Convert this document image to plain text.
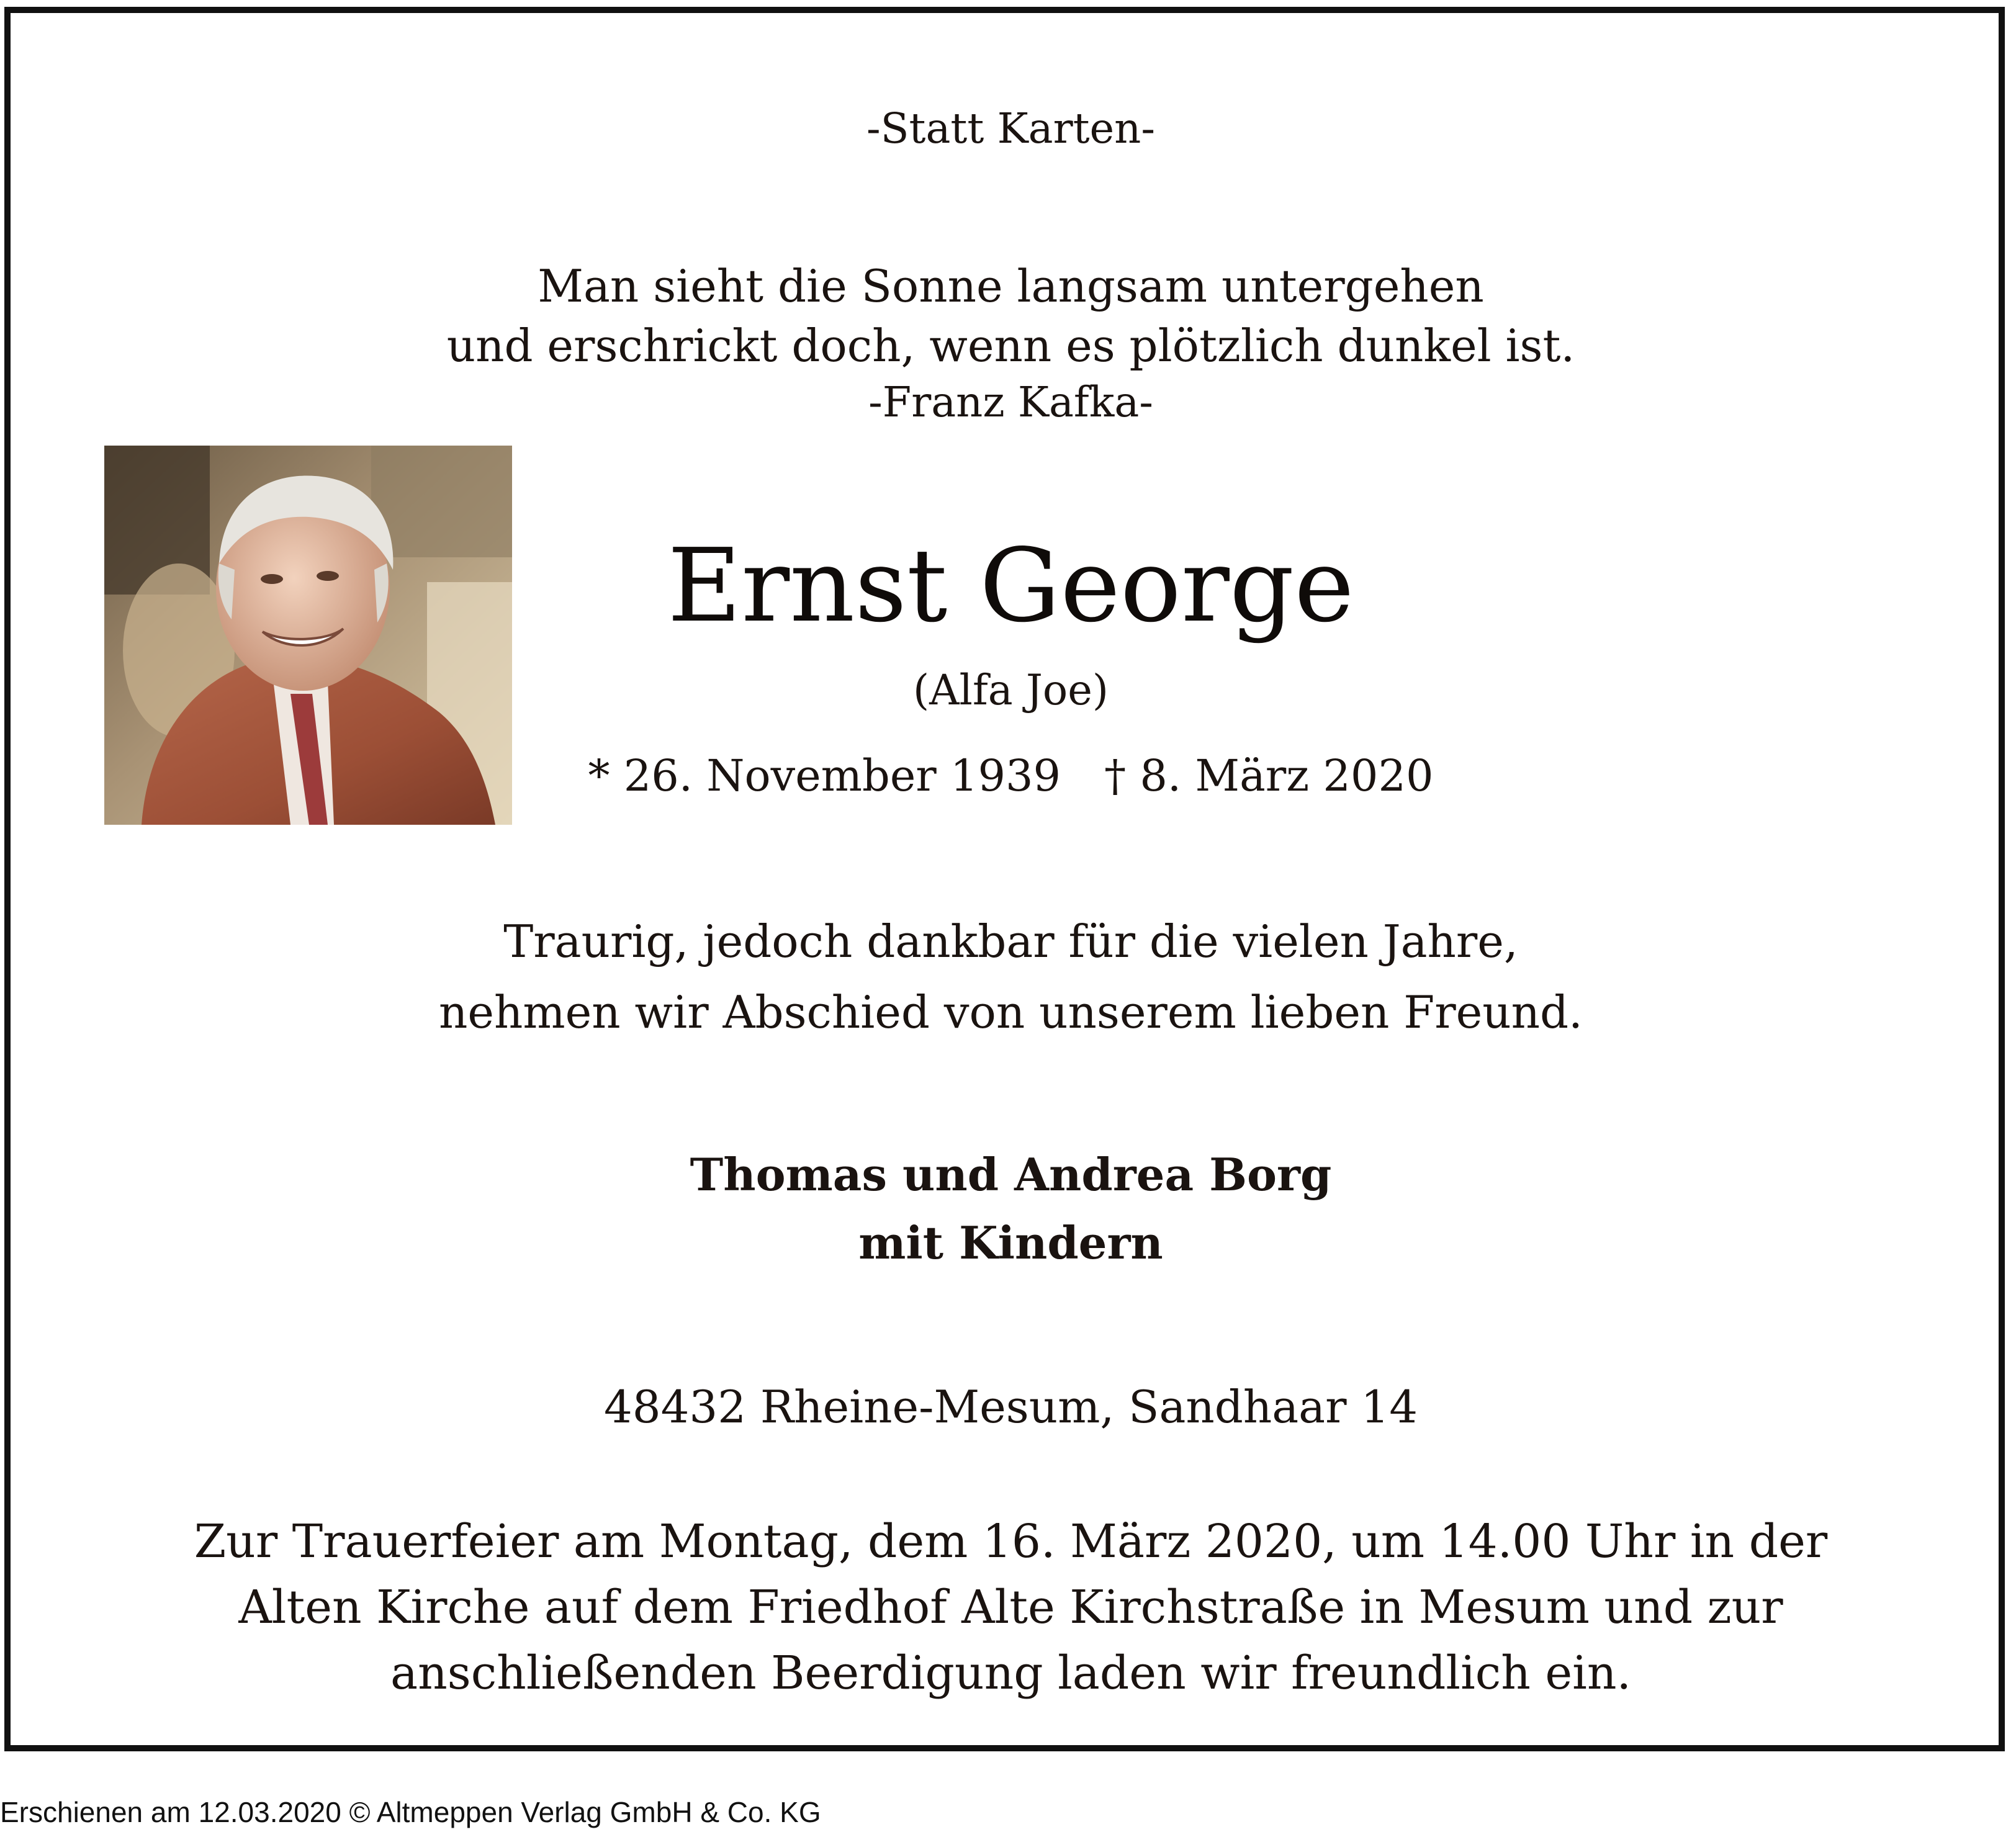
-Statt Karten-
Man sieht die Sonne langsam untergehen
und erschrickt doch, wenn es plötzlich dunkel ist.
-Franz Kafka-
Ernst George
(Alfa Joe)
* 26. November 1939 † 8. März 2020
Traurig, jedoch dankbar für die vielen Jahre,
nehmen wir Abschied von unserem lieben Freund.
Thomas und Andrea Borg
mit Kindern
48432 Rheine-Mesum, Sandhaar 14
Zur Trauerfeier am Montag, dem 16. März 2020, um 14.00 Uhr in der
Alten Kirche auf dem Friedhof Alte Kirchstraße in Mesum und zur
anschließenden Beerdigung laden wir freundlich ein.
Erschienen am 12.03.2020 © Altmeppen Verlag GmbH & Co. KG
